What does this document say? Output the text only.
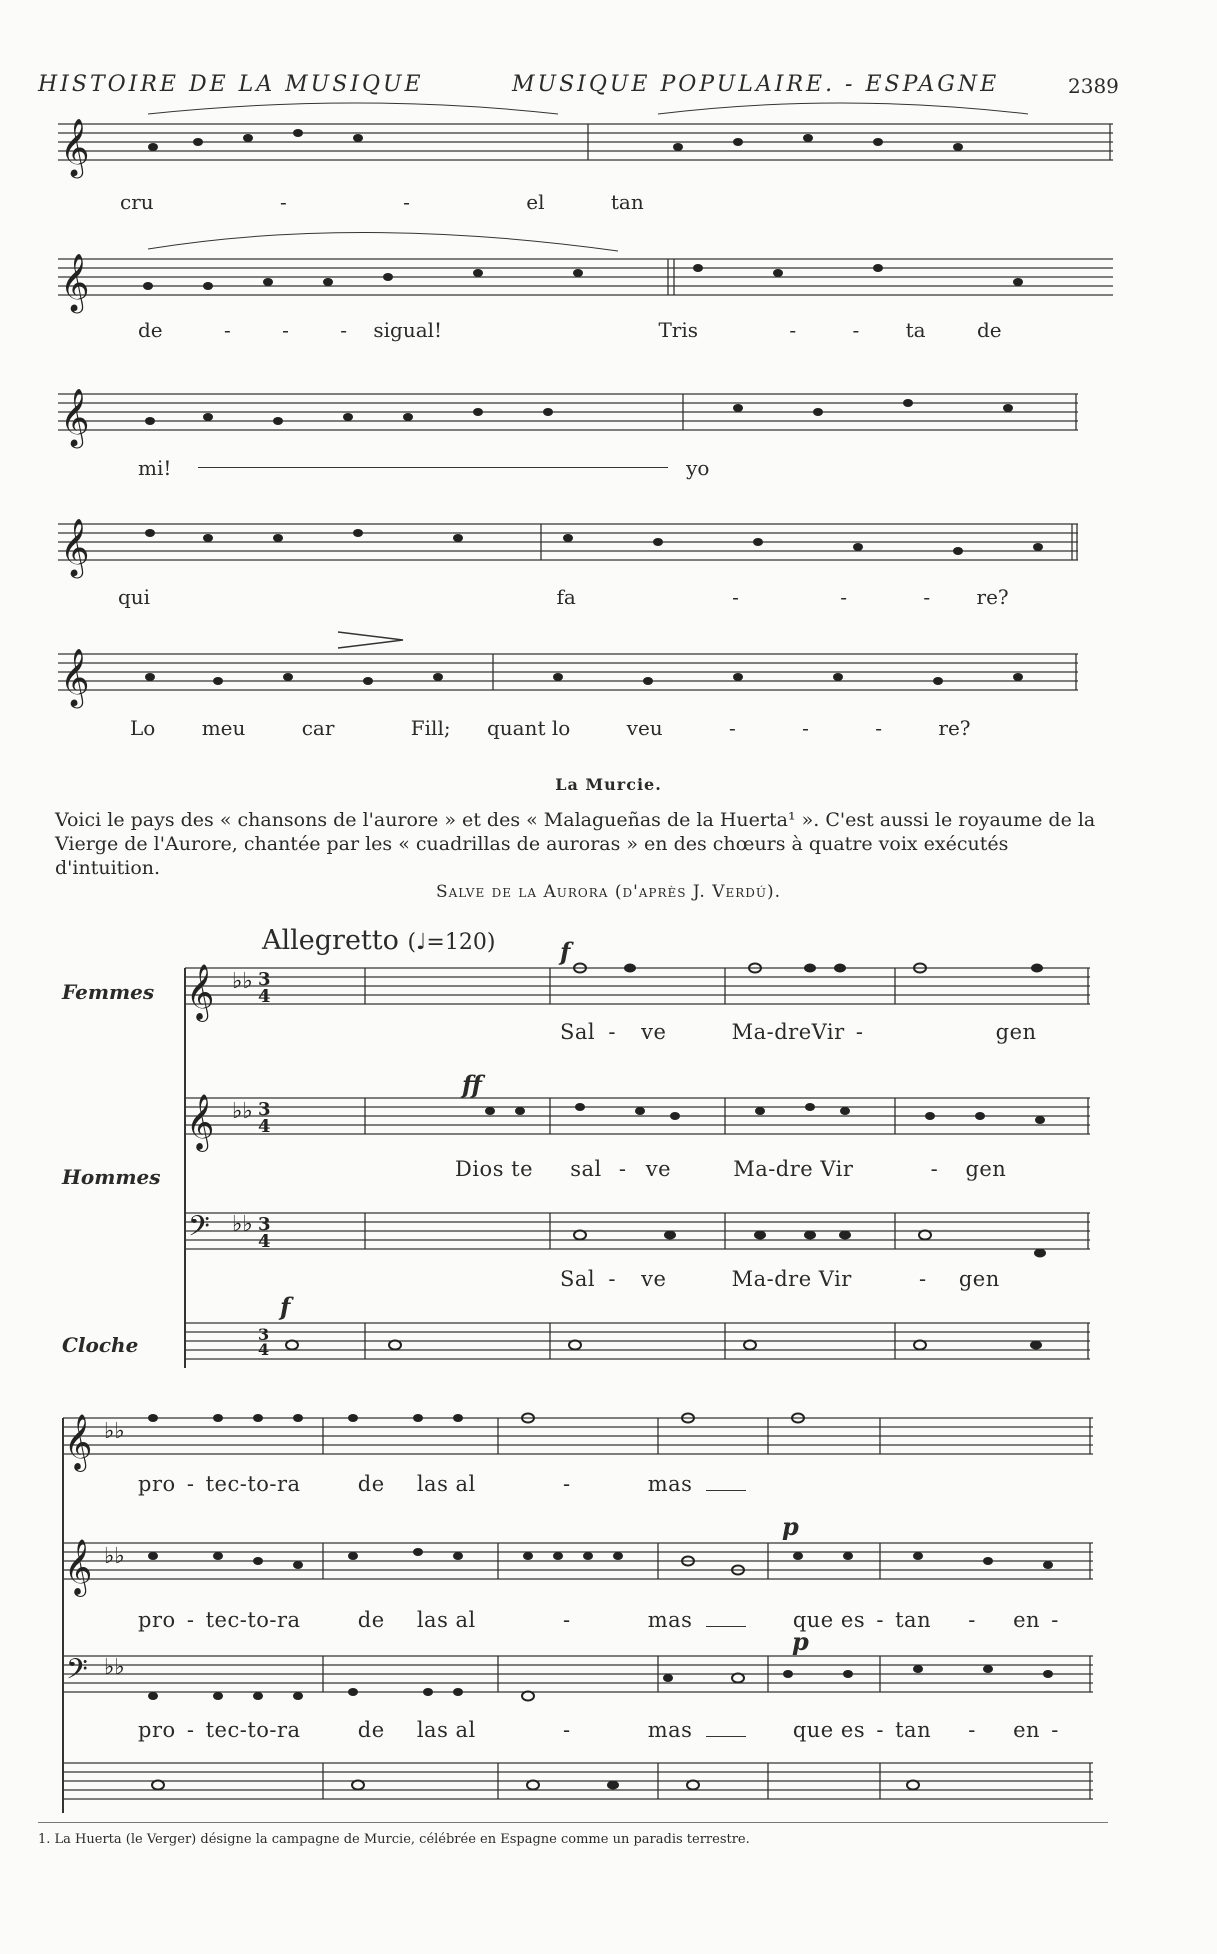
HISTOIRE DE LA MUSIQUE	MUSIQUE POPULAIRE. - ESPAGNE	2389
𝄞
cru	-	-	el	tan
𝄞
de	-	-	- sigual!	Tris	-	- ta	de
𝄞
mi!	yo
𝄞
qui	fa	-	-	- re?
𝄞
Lo meu	car	Fill; quant lo	veu	-	-	-	re?
La Murcie.
Voici le pays des « chansons de l'aurore » et des « Malagueñas de la Huerta¹ ». C'est aussi le royaume de la Vierge de l'Aurore, chantée par les « cuadrillas de auroras » en des chœurs à quatre voix exécutés d'intuition.
Salve de la Aurora (d'après J. Verdú).
Allegretto (♩=120)	f
ff
f
Femmes
Hommes
Cloche
𝄞 ♭♭ 3
4
𝄞 ♭♭ 3
4
𝄢 ♭♭ 3
4
3
4
Sal - ve	Ma-dreVir -	gen
Dios te sal - ve	Ma-dre Vir	- gen
Sal - ve	Ma-dre Vir	- gen
p
p
𝄞 ♭♭
𝄞 ♭♭
𝄢 ♭♭
pro - tec-to-ra	de las al	-	mas
pro - tec-to-ra	de las al	-	mas	que es - tan - en -
pro - tec-to-ra	de las al	-	mas	que es - tan - en -
1. La Huerta (le Verger) désigne la campagne de Murcie, célébrée en Espagne comme un paradis terrestre.
